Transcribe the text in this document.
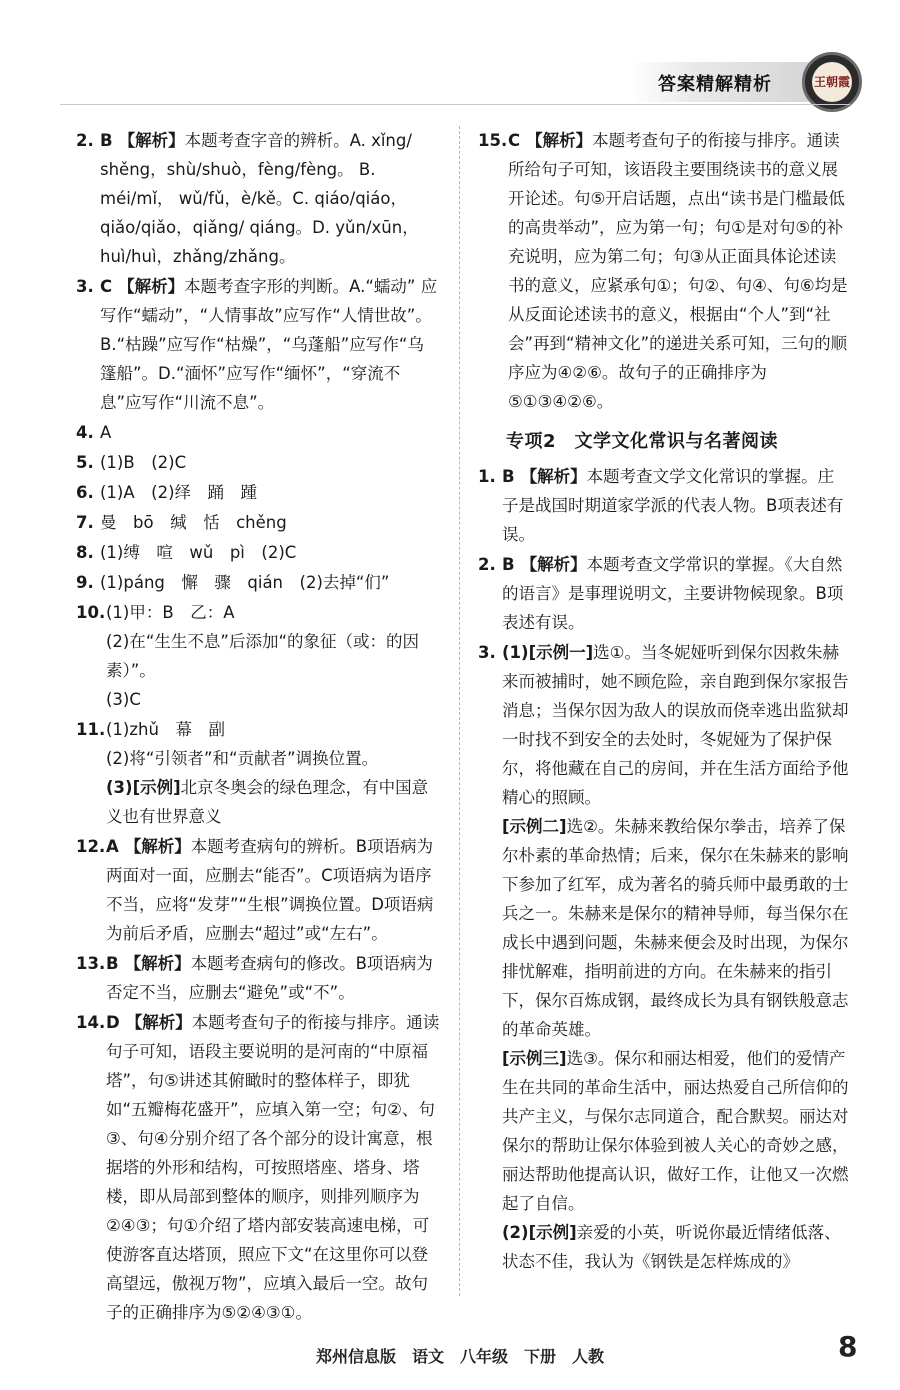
答案精解精析	王朝霞

2. B 【解析】本题考查字音的辨析。A. xǐng/ shěng，shù/shuò，fèng/fèng。 B. méi/mǐ， wǔ/fǔ，è/kě。C. qiáo/qiáo，qiǎo/qiǎo，qiǎng/ qiáng。D. yǔn/xūn，huì/huì，zhǎng/zhǎng。

3. C 【解析】本题考查字形的判断。A.“蠕动” 应写作“蠕动”，“人情事故”应写作“人情世故”。B.“枯躁”应写作“枯燥”，“乌蓬船”应写作“乌篷船”。D.“湎怀”应写作“缅怀”，“穿流不息”应写作“川流不息”。

4. A

5. (1)B　(2)C

6. (1)A　(2)绎　踊　踵

7. 曼　bō　缄　恬　chěng

8. (1)缚　喧　wǔ　pì　(2)C

9. (1)páng　懈　骤　qián　(2)去掉“们”

10. (1)甲：B　乙：A
(2)在“生生不息”后添加“的象征（或：的因素）”。
(3)C

11. (1)zhǔ　幕　副
(2)将“引领者”和“贡献者”调换位置。
(3)[示例]北京冬奥会的绿色理念，有中国意义也有世界意义

12. A 【解析】本题考查病句的辨析。B项语病为两面对一面，应删去“能否”。C项语病为语序不当，应将“发芽”“生根”调换位置。D项语病为前后矛盾，应删去“超过”或“左右”。

13. B 【解析】本题考查病句的修改。B项语病为否定不当，应删去“避免”或“不”。

14. D 【解析】本题考查句子的衔接与排序。通读句子可知，语段主要说明的是河南的“中原福塔”，句⑤讲述其俯瞰时的整体样子，即犹如“五瓣梅花盛开”，应填入第一空；句②、句③、句④分别介绍了各个部分的设计寓意，根据塔的外形和结构，可按照塔座、塔身、塔楼，即从局部到整体的顺序，则排列顺序为②④③；句①介绍了塔内部安装高速电梯，可使游客直达塔顶，照应下文“在这里你可以登高望远，傲视万物”，应填入最后一空。故句子的正确排序为⑤②④③①。

15. C 【解析】本题考查句子的衔接与排序。通读所给句子可知，该语段主要围绕读书的意义展开论述。句⑤开启话题，点出“读书是门槛最低的高贵举动”，应为第一句；句①是对句⑤的补充说明，应为第二句；句③从正面具体论述读书的意义，应紧承句①；句②、句④、句⑥均是从反面论述读书的意义，根据由“个人”到“社会”再到“精神文化”的递进关系可知，三句的顺序应为④②⑥。故句子的正确排序为⑤①③④②⑥。

专项2　文学文化常识与名著阅读

1. B 【解析】本题考查文学文化常识的掌握。庄子是战国时期道家学派的代表人物。B项表述有误。

2. B 【解析】本题考查文学常识的掌握。《大自然的语言》是事理说明文，主要讲物候现象。B项表述有误。

3. (1)[示例一]选①。当冬妮娅听到保尔因救朱赫来而被捕时，她不顾危险，亲自跑到保尔家报告消息；当保尔因为敌人的误放而侥幸逃出监狱却一时找不到安全的去处时，冬妮娅为了保护保尔，将他藏在自己的房间，并在生活方面给予他精心的照顾。
[示例二]选②。朱赫来教给保尔拳击，培养了保尔朴素的革命热情；后来，保尔在朱赫来的影响下参加了红军，成为著名的骑兵师中最勇敢的士兵之一。朱赫来是保尔的精神导师，每当保尔在成长中遇到问题，朱赫来便会及时出现，为保尔排忧解难，指明前进的方向。在朱赫来的指引下，保尔百炼成钢，最终成长为具有钢铁般意志的革命英雄。
[示例三]选③。保尔和丽达相爱，他们的爱情产生在共同的革命生活中，丽达热爱自己所信仰的共产主义，与保尔志同道合，配合默契。丽达对保尔的帮助让保尔体验到被人关心的奇妙之感，丽达帮助他提高认识，做好工作，让他又一次燃起了自信。
(2)[示例]亲爱的小英，听说你最近情绪低落、状态不佳，我认为《钢铁是怎样炼成的》

郑州信息版　语文　八年级　下册　人教	8
